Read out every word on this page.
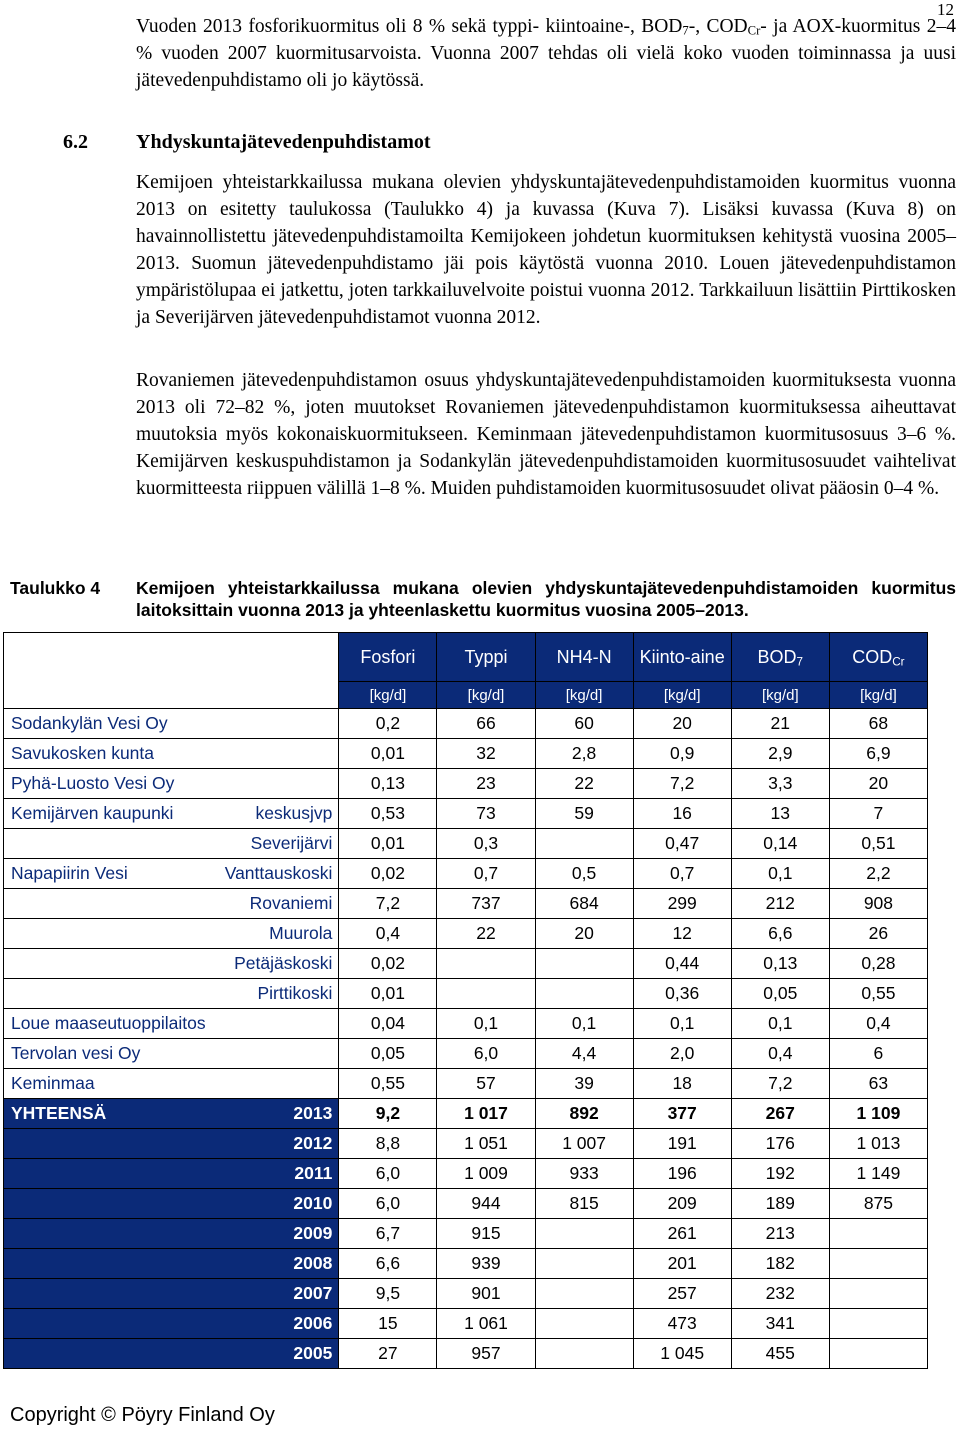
12

Vuoden 2013 fosforikuormitus oli 8 % sekä typpi- kiintoaine-, $BOD_7-$, $COD_{Cr}-$ ja AOX-kuormitus 2–4 % vuoden 2007 kuormitusarvoista. Vuonna 2007 tehdas oli vielä koko vuoden toiminnassa ja uusi jätevedenpuhdistamo oli jo käytössä.

6.2 Yhdyskuntajätevedenpuhdistamot

Kemijoen yhteistarkkailussa mukana olevien yhdyskuntajätevedenpuhdistamoiden kuormitus vuonna 2013 on esitetty taulukossa (Taulukko 4) ja kuvassa (Kuva 7). Lisäksi kuvassa (Kuva 8) on havainnollistettu jätevedenpuhdistamoilta Kemijokeen johdetun kuormituksen kehitystä vuosina 2005–2013. Suomun jätevedenpuhdistamo jäi pois käytöstä vuonna 2010. Louen jätevedenpuhdistamon ympäristölupaa ei jatkettu, joten tarkkailuvelvoite poistui vuonna 2012. Tarkkailuun lisättiin Pirttikosken ja Severijärven jätevedenpuhdistamot vuonna 2012.

Rovaniemen jätevedenpuhdistamon osuus yhdyskuntajätevedenpuhdistamoiden kuormituksesta vuonna 2013 oli 72–82 %, joten muutokset Rovaniemen jätevedenpuhdistamon kuormituksessa aiheuttavat muutoksia myös kokonaiskuormitukseen. Keminmaan jätevedenpuhdistamon kuormitusosuus 3–6 %. Kemijärven keskuspuhdistamon ja Sodankylän jätevedenpuhdistamoiden kuormitusosuudet vaihtelivat kuormitteesta riippuen välillä 1–8 %. Muiden puhdistamoiden kuormitusosuudet olivat pääosin 0–4 %.

Taulukko 4 Kemijoen yhteistarkkailussa mukana olevien yhdyskuntajätevedenpuhdistamoiden kuormitus laitoksittain vuonna 2013 ja yhteenlaskettu kuormitus vuosina 2005–2013.
	Fosfori	Typpi	NH4-N	Kiinto-aine	$BOD_7$	$COD_{Cr}$
	[kg/d]	[kg/d]	[kg/d]	[kg/d]	[kg/d]	[kg/d]

Sodankylän Vesi Oy	0,2	66	60	20	21	68

Savukosken kunta	0,01	32	2,8	0,9	2,9	6,9

Pyhä-Luosto Vesi Oy	0,13	23	22	7,2	3,3	20

Kemijärven kaupunki keskusjvp	0,53	73	59	16	13	7

Severijärvi	0,01	0,3		0,47	0,14	0,51

Napapiirin Vesi Vanttauskoski	0,02	0,7	0,5	0,7	0,1	2,2

Rovaniemi	7,2	737	684	299	212	908

Muurola	0,4	22	20	12	6,6	26

Petäjäskoski	0,02			0,44	0,13	0,28

Pirttikoski	0,01			0,36	0,05	0,55

Loue maaseutuoppilaitos	0,04	0,1	0,1	0,1	0,1	0,4

Tervolan vesi Oy	0,05	6,0	4,4	2,0	0,4	6

Keminmaa	0,55	57	39	18	7,2	63

YHTEENSÄ 2013	9,2	1 017	892	377	267	1 109
2012	8,8	1 051	1 007	191	176	1 013
2011	6,0	1 009	933	196	192	1 149
2010	6,0	944	815	209	189	875
2009	6,7	915		261	213	
2008	6,6	939		201	182	
2007	9,5	901		257	232	
2006	15	1 061		473	341	
2005	27	957		1 045	455	
Copyright © Pöyry Finland Oy
